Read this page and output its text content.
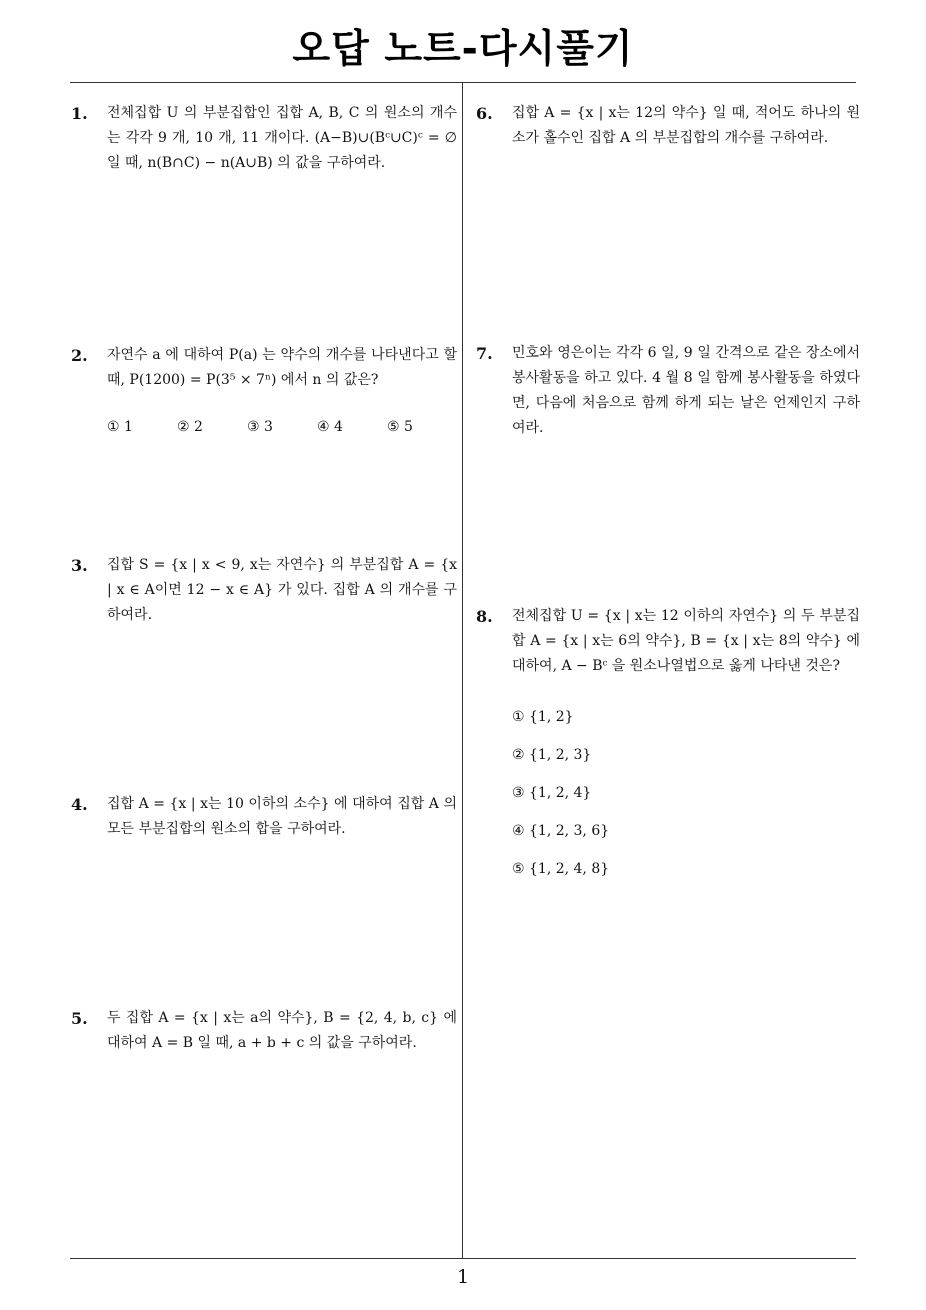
오답 노트-다시풀기
1. 전체집합 U 의 부분집합인 집합 A, B, C 의 원소의 개수는 각각 9 개, 10 개, 11 개이다. (A−B)∪(Bᶜ∪C)ᶜ = ∅ 일 때, n(B∩C) − n(A∪B) 의 값을 구하여라.
2. 자연수 a 에 대하여 P(a) 는 약수의 개수를 나타낸다고 할 때, P(1200) = P(3⁵ × 7ⁿ) 에서 n 의 값은?
① 1	② 2	③ 3	④ 4	⑤ 5
3. 집합 S = {x | x < 9, x는 자연수} 의 부분집합 A = {x | x ∈ A이면 12 − x ∈ A} 가 있다. 집합 A 의 개수를 구하여라.
4. 집합 A = {x | x는 10 이하의 소수} 에 대하여 집합 A 의 모든 부분집합의 원소의 합을 구하여라.
5. 두 집합 A = {x | x는 a의 약수}, B = {2, 4, b, c} 에 대하여 A = B 일 때, a + b + c 의 값을 구하여라.
6. 집합 A = {x | x는 12의 약수} 일 때, 적어도 하나의 원소가 홀수인 집합 A 의 부분집합의 개수를 구하여라.
7. 민호와 영은이는 각각 6 일, 9 일 간격으로 같은 장소에서 봉사활동을 하고 있다. 4 월 8 일 함께 봉사활동을 하였다면, 다음에 처음으로 함께 하게 되는 날은 언제인지 구하여라.
8. 전체집합 U = {x | x는 12 이하의 자연수} 의 두 부분집합 A = {x | x는 6의 약수}, B = {x | x는 8의 약수} 에 대하여, A − Bᶜ 을 원소나열법으로 옳게 나타낸 것은?
① {1, 2}② {1, 2, 3}
③ {1, 2, 4}④ {1, 2, 3, 6}
⑤ {1, 2, 4, 8}
1
